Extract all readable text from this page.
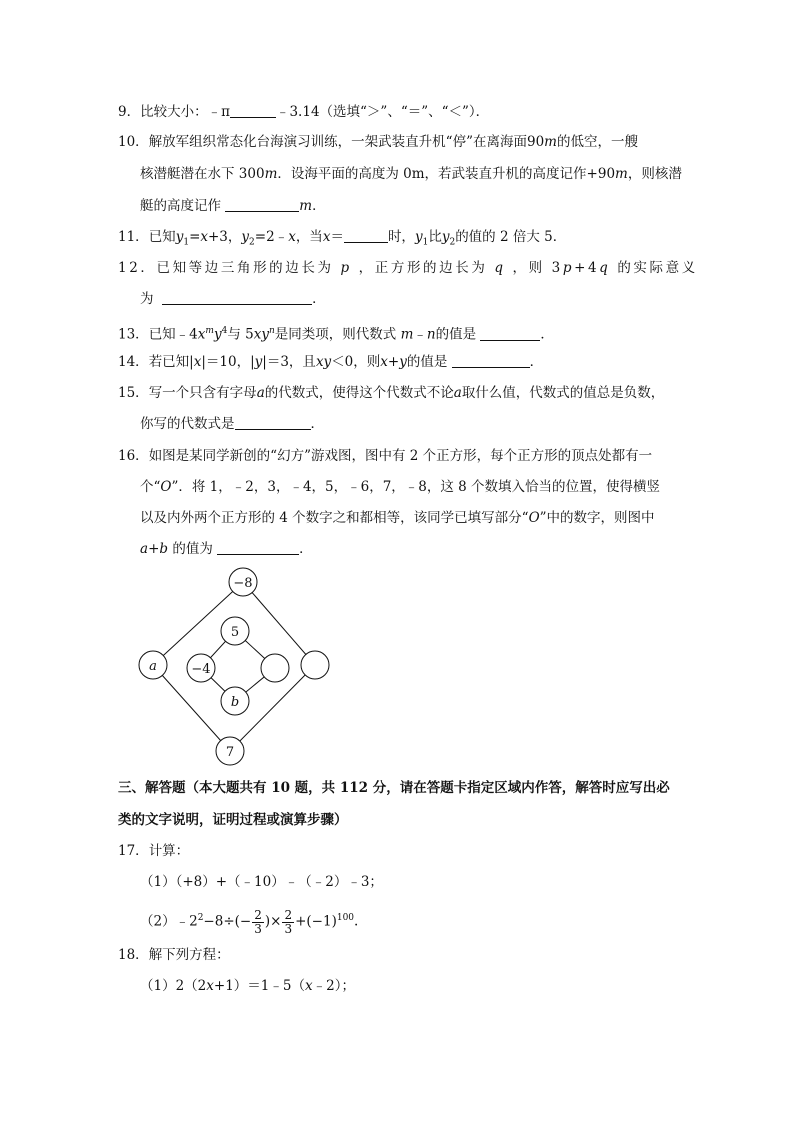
9．比较大小：﹣π	﹣3.14（选填“＞”、“＝”、“＜”）．
10．解放军组织常态化台海演习训练，一架武装直升机“停”在离海面90m的低空，一艘
核潜艇潜在水下 300m．设海平面的高度为 0m，若武装直升机的高度记作+90m，则核潜
艇的高度记作	m．
11．已知$y_1=x+3$，$y_2=2﹣x$，当x＝	时，$y_1$比$y_2$的值的 2 倍大 5．
12．已知等边三角形的边长为 p ，正方形的边长为 q ，则 3p+4q 的实际意义
为	．
13．已知$﹣4x^my^4$与 $5xy^n$是同类项，则代数式 m﹣n的值是	．
14．若已知|x|＝10，|y|＝3，且xy＜0，则x+y的值是	．
15．写一个只含有字母a的代数式，使得这个代数式不论a取什么值，代数式的值总是负数，
你写的代数式是	．
16．如图是某同学新创的“幻方”游戏图，图中有 2 个正方形，每个正方形的顶点处都有一
个“O”．将 1，﹣2，3，﹣4，5，﹣6，7，﹣8，这 8 个数填入恰当的位置，使得横竖
以及内外两个正方形的 4 个数字之和都相等，该同学已填写部分“O”中的数字，则图中
a+b 的值为	．
−8
a
7
5
−4
b
三、解答题（本大题共有 10 题，共 112 分，请在答题卡指定区域内作答，解答时应写出必
类的文字说明，证明过程或演算步骤）
17．计算：
（1）（+8）+（﹣10）﹣（﹣2）﹣3；
$(2)﹣2^2-8\div(- \frac{2}{3}$ )× $\frac{2}{3} +(-1)^{100}$.
18．解下列方程：
（1）2（2x+1）＝1﹣5（x﹣2）；
